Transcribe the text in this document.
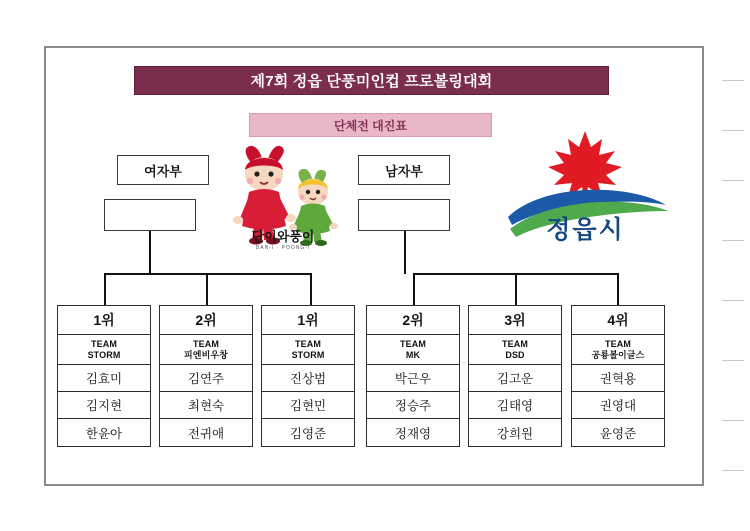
제7회 정읍 단풍미인컵 프로볼링대회
단체전 대진표
여자부	남자부
단이와풍이
DAN-I · POONG-I
정읍시
1위
TEAM
STORM
김효미
김지현
한윤아
2위
TEAM
피엔비우창
김연주
최현숙
전귀애
1위
TEAM
STORM
진상범
김현민
김영준
2위
TEAM
MK
박근우
정승주
정재영
3위
TEAM
DSD
김고운
김태영
강희원
4위
TEAM
공룡볼이글스
권혁용
권영대
윤영준
